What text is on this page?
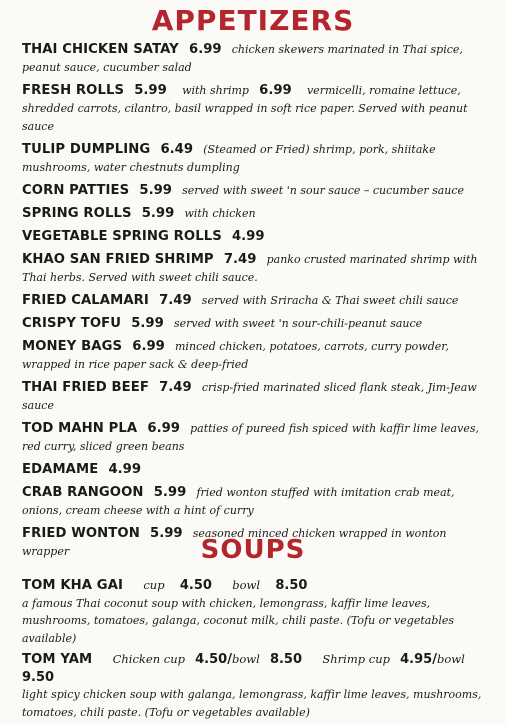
APPETIZERS
THAI CHICKEN SATAY 6.99 chicken skewers marinated in Thai spice, peanut sauce, cucumber salad
FRESH ROLLS 5.99 with shrimp 6.99 vermicelli, romaine lettuce, shredded carrots, cilantro, basil wrapped in soft rice paper. Served with peanut sauce
TULIP DUMPLING 6.49 (Steamed or Fried) shrimp, pork, shiitake mushrooms, water chestnuts dumpling
CORN PATTIES 5.99 served with sweet 'n sour sauce – cucumber sauce
SPRING ROLLS 5.99 with chicken
VEGETABLE SPRING ROLLS 4.99
KHAO SAN FRIED SHRIMP 7.49 panko crusted marinated shrimp with Thai herbs. Served with sweet chili sauce.
FRIED CALAMARI 7.49 served with Sriracha & Thai sweet chili sauce
CRISPY TOFU 5.99 served with sweet 'n sour-chili-peanut sauce
MONEY BAGS 6.99 minced chicken, potatoes, carrots, curry powder, wrapped in rice paper sack & deep-fried
THAI FRIED BEEF 7.49 crisp-fried marinated sliced flank steak, Jim-Jeaw sauce
TOD MAHN PLA 6.99 patties of pureed fish spiced with kaffir lime leaves, red curry, sliced green beans
EDAMAME 4.99
CRAB RANGOON 5.99 fried wonton stuffed with imitation crab meat, onions, cream cheese with a hint of curry
FRIED WONTON 5.99 seasoned minced chicken wrapped in wonton wrapper	SOUPS
TOM KHA GAI cup 4.50 bowl 8.50
a famous Thai coconut soup with chicken, lemongrass, kaffir lime leaves, mushrooms, tomatoes, galanga, coconut milk, chili paste. (Tofu or vegetables available)
TOM YAM Chicken cup 4.50/bowl 8.50 Shrimp cup 4.95/bowl  9.50
light spicy chicken soup with galanga, lemongrass, kaffir lime leaves, mushrooms, tomatoes, chili paste. (Tofu or vegetables available)
